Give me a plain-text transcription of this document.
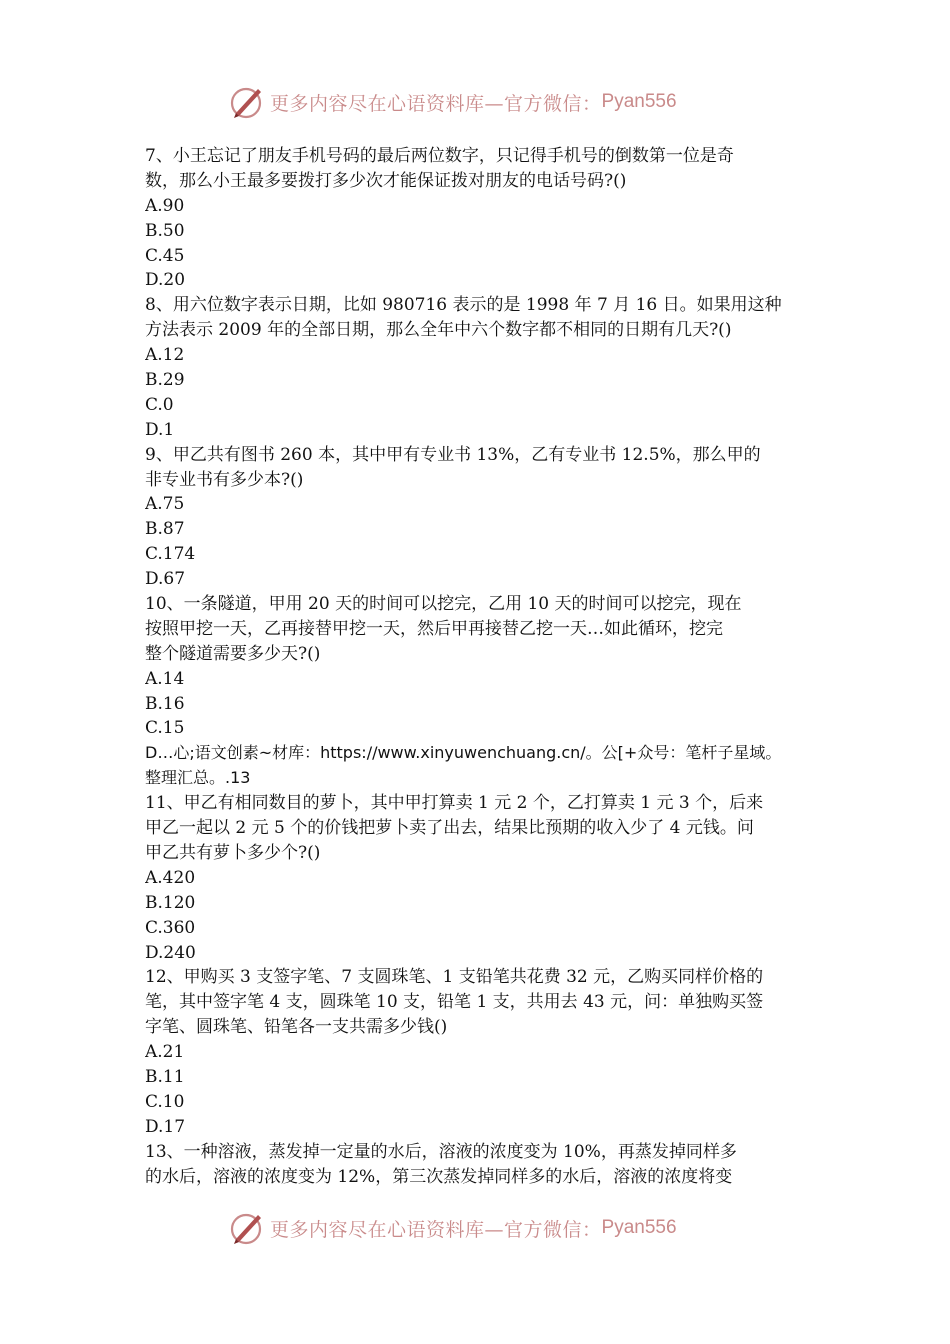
更多内容尽在心语资料库—官方微信： Pyan556
7、小王忘记了朋友手机号码的最后两位数字，只记得手机号的倒数第一位是奇
数，那么小王最多要拨打多少次才能保证拨对朋友的电话号码?()
A.90
B.50
C.45
D.20
8、用六位数字表示日期，比如 980716 表示的是 1998 年 7 月 16 日。如果用这种
方法表示 2009 年的全部日期，那么全年中六个数字都不相同的日期有几天?()
A.12
B.29
C.0
D.1
9、甲乙共有图书 260 本，其中甲有专业书 13%，乙有专业书 12.5%，那么甲的
非专业书有多少本?()
A.75
B.87
C.174
D.67
10、一条隧道，甲用 20 天的时间可以挖完，乙用 10 天的时间可以挖完，现在
按照甲挖一天，乙再接替甲挖一天，然后甲再接替乙挖一天…如此循环，挖完
整个隧道需要多少天?()
A.14
B.16
C.15
D…心;语文创素~材库：https://www.xinyuwenchuang.cn/。公[+众号：笔杆子星域。
整理汇总。.13
11、甲乙有相同数目的萝卜，其中甲打算卖 1 元 2 个，乙打算卖 1 元 3 个，后来
甲乙一起以 2 元 5 个的价钱把萝卜卖了出去，结果比预期的收入少了 4 元钱。问
甲乙共有萝卜多少个?()
A.420
B.120
C.360
D.240
12、甲购买 3 支签字笔、7 支圆珠笔、1 支铅笔共花费 32 元，乙购买同样价格的
笔，其中签字笔 4 支，圆珠笔 10 支，铅笔 1 支，共用去 43 元，问：单独购买签
字笔、圆珠笔、铅笔各一支共需多少钱()
A.21
B.11
C.10
D.17
13、一种溶液，蒸发掉一定量的水后，溶液的浓度变为 10%，再蒸发掉同样多
的水后，溶液的浓度变为 12%，第三次蒸发掉同样多的水后，溶液的浓度将变
更多内容尽在心语资料库—官方微信： Pyan556
